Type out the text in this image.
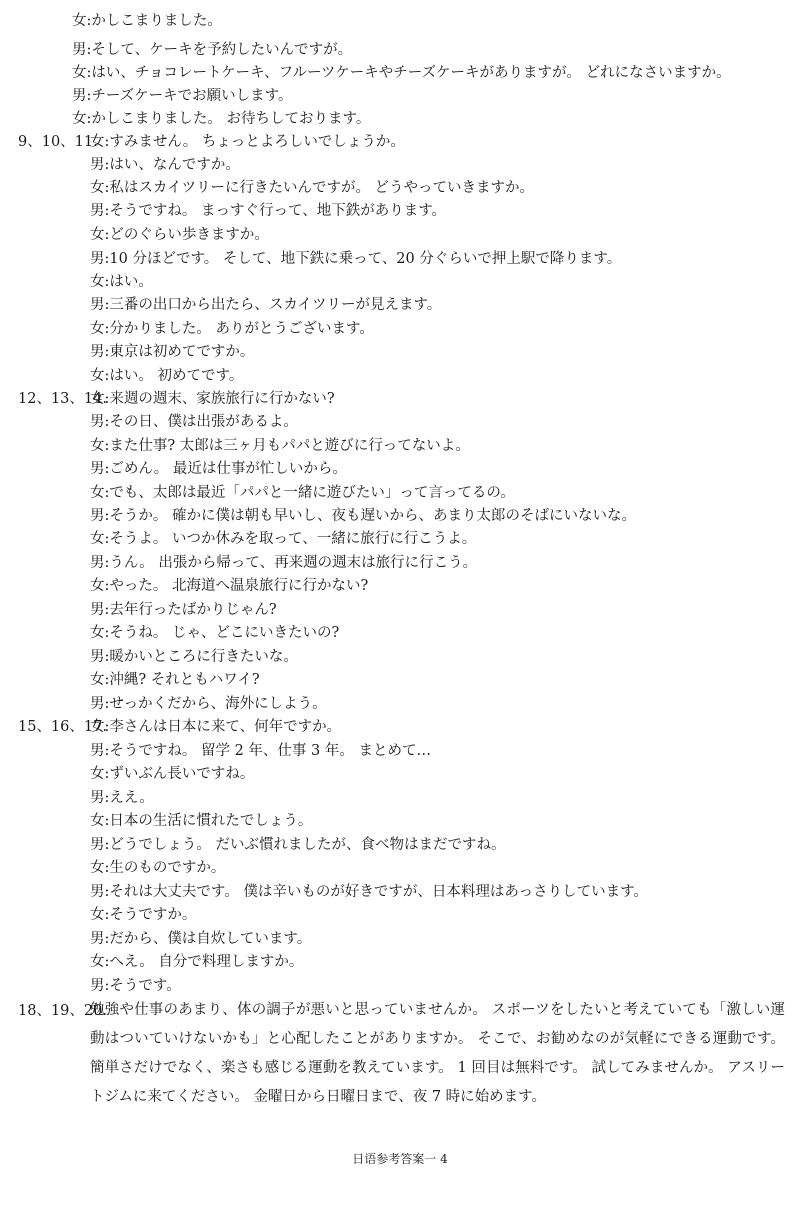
女:かしこまりました。
男:そして、ケーキを予約したいんですが。
女:はい、チョコレートケーキ、フルーツケーキやチーズケーキがありますが。 どれになさいますか。
男:チーズケーキでお願いします。
女:かしこまりました。 お待ちしております。
9、10、11.
女:すみません。 ちょっとよろしいでしょうか。
男:はい、なんですか。
女:私はスカイツリーに行きたいんですが。 どうやっていきますか。
男:そうですね。 まっすぐ行って、地下鉄があります。
女:どのぐらい歩きますか。
男:10 分ほどです。 そして、地下鉄に乗って、20 分ぐらいで押上駅で降ります。
女:はい。
男:三番の出口から出たら、スカイツリーが見えます。
女:分かりました。 ありがとうございます。
男:東京は初めてですか。
女:はい。 初めてです。
12、13、14.
女:来週の週末、家族旅行に行かない?
男:その日、僕は出張があるよ。
女:また仕事? 太郎は三ヶ月もパパと遊びに行ってないよ。
男:ごめん。 最近は仕事が忙しいから。
女:でも、太郎は最近「パパと一緒に遊びたい」って言ってるの。
男:そうか。 確かに僕は朝も早いし、夜も遅いから、あまり太郎のそばにいないな。
女:そうよ。 いつか休みを取って、一緒に旅行に行こうよ。
男:うん。 出張から帰って、再来週の週末は旅行に行こう。
女:やった。 北海道へ温泉旅行に行かない?
男:去年行ったばかりじゃん?
女:そうね。 じゃ、どこにいきたいの?
男:暖かいところに行きたいな。
女:沖縄? それともハワイ?
男:せっかくだから、海外にしよう。
15、16、17.
女:李さんは日本に来て、何年ですか。
男:そうですね。 留学 2 年、仕事 3 年。 まとめて…
女:ずいぶん長いですね。
男:ええ。
女:日本の生活に慣れたでしょう。
男:どうでしょう。 だいぶ慣れましたが、食べ物はまだですね。
女:生のものですか。
男:それは大丈夫です。 僕は辛いものが好きですが、日本料理はあっさりしています。
女:そうですか。
男:だから、僕は自炊しています。
女:へえ。 自分で料理しますか。
男:そうです。
18、19、20.
勉強や仕事のあまり、体の調子が悪いと思っていませんか。 スポーツをしたいと考えていても「激しい運動はついていけないかも」と心配したことがありますか。 そこで、お勧めなのが気軽にできる運動です。 簡単さだけでなく、楽さも感じる運動を教えています。 1 回目は無料です。 試してみませんか。 アスリートジムに来てください。 金曜日から日曜日まで、夜 7 時に始めます。
日语参考答案一 4
